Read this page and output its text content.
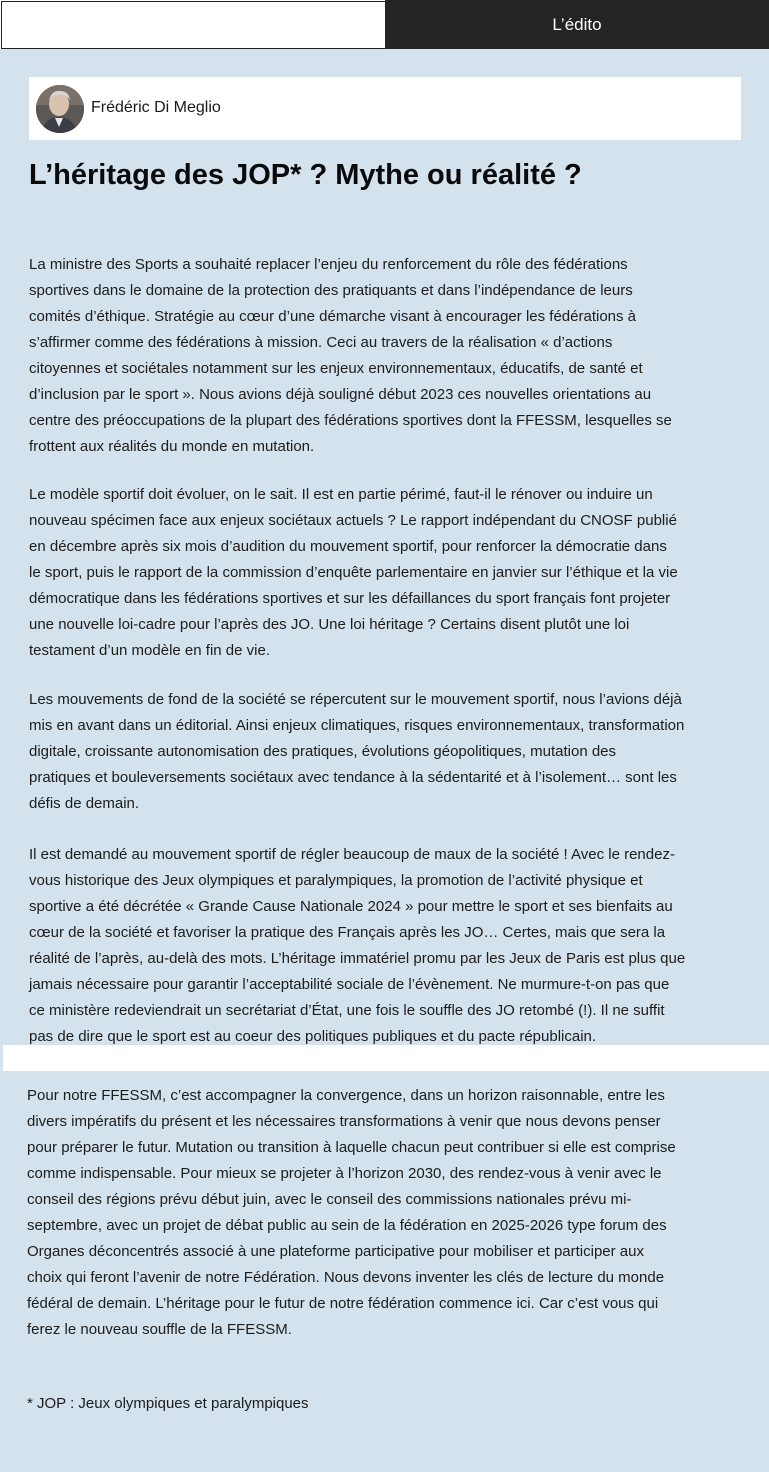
L’édito
Frédéric Di Meglio
L’héritage des JOP* ? Mythe ou réalité ?

La ministre des Sports a souhaité replacer l’enjeu du renforcement du rôle des fédérations
sportives dans le domaine de la protection des pratiquants et dans l’indépendance de leurs
comités d’éthique. Stratégie au cœur d’une démarche visant à encourager les fédérations à
s’affirmer comme des fédérations à mission. Ceci au travers de la réalisation « d’actions
citoyennes et sociétales notamment sur les enjeux environnementaux, éducatifs, de santé et
d’inclusion par le sport ». Nous avions déjà souligné début 2023 ces nouvelles orientations au
centre des préoccupations de la plupart des fédérations sportives dont la FFESSM, lesquelles se
frottent aux réalités du monde en mutation.

Le modèle sportif doit évoluer, on le sait. Il est en partie périmé, faut-il le rénover ou induire un
nouveau spécimen face aux enjeux sociétaux actuels ? Le rapport indépendant du CNOSF publié
en décembre après six mois d’audition du mouvement sportif, pour renforcer la démocratie dans
le sport, puis le rapport de la commission d’enquête parlementaire en janvier sur l’éthique et la vie
démocratique dans les fédérations sportives et sur les défaillances du sport français font projeter
une nouvelle loi-cadre pour l’après des JO. Une loi héritage ? Certains disent plutôt une loi
testament d’un modèle en fin de vie.

Les mouvements de fond de la société se répercutent sur le mouvement sportif, nous l’avions déjà
mis en avant dans un éditorial. Ainsi enjeux climatiques, risques environnementaux, transformation
digitale, croissante autonomisation des pratiques, évolutions géopolitiques, mutation des
pratiques et bouleversements sociétaux avec tendance à la sédentarité et à l’isolement… sont les
défis de demain.

Il est demandé au mouvement sportif de régler beaucoup de maux de la société ! Avec le rendez-
vous historique des Jeux olympiques et paralympiques, la promotion de l’activité physique et
sportive a été décrétée « Grande Cause Nationale 2024 » pour mettre le sport et ses bienfaits au
cœur de la société et favoriser la pratique des Français après les JO… Certes, mais que sera la
réalité de l’après, au-delà des mots. L’héritage immatériel promu par les Jeux de Paris est plus que
jamais nécessaire pour garantir l’acceptabilité sociale de l’évènement. Ne murmure-t-on pas que
ce ministère redeviendrait un secrétariat d’État, une fois le souffle des JO retombé (!). Il ne suffit
pas de dire que le sport est au coeur des politiques publiques et du pacte républicain.

Pour notre FFESSM, c’est accompagner la convergence, dans un horizon raisonnable, entre les
divers impératifs du présent et les nécessaires transformations à venir que nous devons penser
pour préparer le futur. Mutation ou transition à laquelle chacun peut contribuer si elle est comprise
comme indispensable. Pour mieux se projeter à l’horizon 2030, des rendez-vous à venir avec le
conseil des régions prévu début juin, avec le conseil des commissions nationales prévu mi-
septembre, avec un projet de débat public au sein de la fédération en 2025-2026 type forum des
Organes déconcentrés associé à une plateforme participative pour mobiliser et participer aux
choix qui feront l’avenir de notre Fédération. Nous devons inventer les clés de lecture du monde
fédéral de demain. L’héritage pour le futur de notre fédération commence ici. Car c’est vous qui
ferez le nouveau souffle de la FFESSM.

* JOP : Jeux olympiques et paralympiques
